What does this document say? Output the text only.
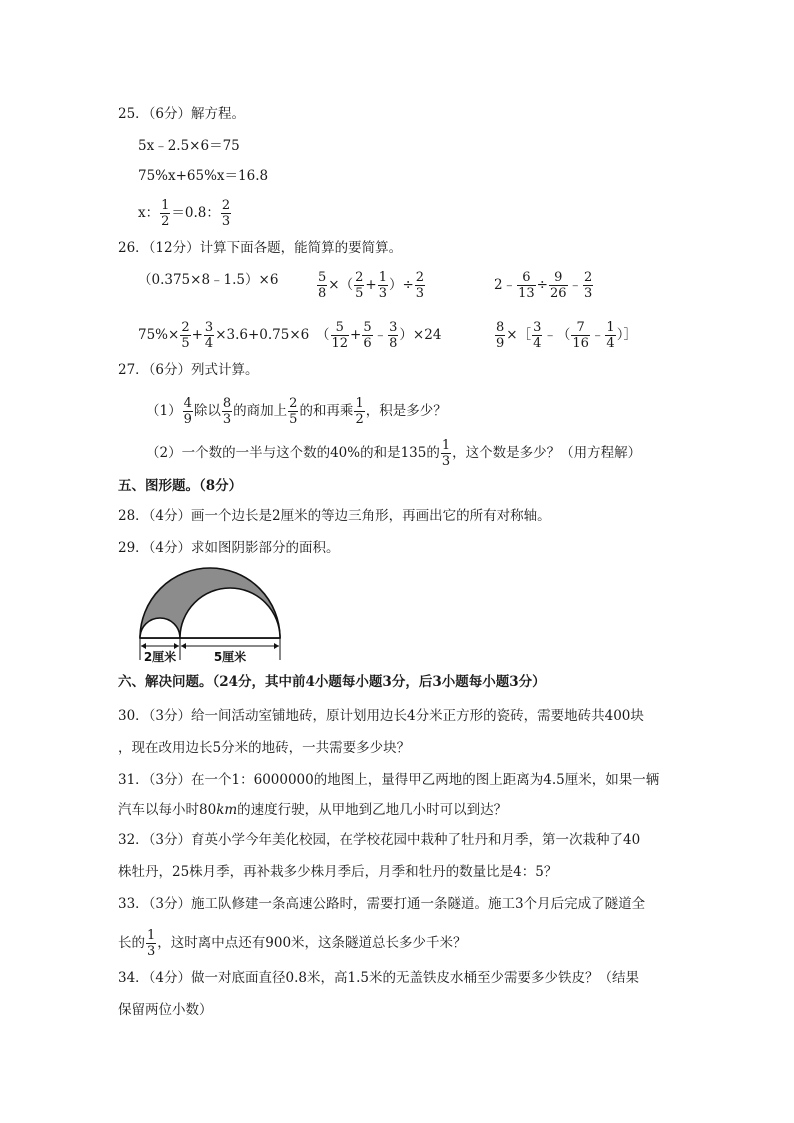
25．（6分）解方程。
5x﹣2.5×6＝75
75%x+65%x＝16.8
x： $\frac{1}{2} =0.8$： $\frac{2}{3}$
26．（12分）计算下面各题，能简算的要简算。
（0.375×8﹣1.5）×6	$\frac{5}{8}$ ×（ $\frac{2}{5} + \frac{1}{3}$ ）÷ $\frac{2}{3}$	2﹣ $\frac{6}{13} \div \frac{9}{26}$ ﹣ $\frac{2}{3}$
$75\%\times \frac{2}{5} + \frac{3}{4} \times 3.6+0.75\times 6$ （ $\frac{5}{12} + \frac{5}{6}$ ﹣ $\frac{3}{8} )\times 24$	$\frac{8}{9}$ ×［ $\frac{3}{4}$ ﹣（ $\frac{7}{16}$ ﹣ $\frac{1}{4}$ ）］
27．（6分）列式计算。
$(1) \frac{4}{9}$ 除以 $\frac{8}{3}$ 的商加上 $\frac{2}{5}$ 的和再乘 $\frac{1}{2}$ ，积是多少？
（2）一个数的一半与这个数的40%的和是135的 $\frac{1}{3}$ ，这个数是多少？（用方程解）
五、图形题。（8分）
28．（4分）画一个边长是2厘米的等边三角形，再画出它的所有对称轴。
29．（4分）求如图阴影部分的面积。
2厘米	5厘米
六、解决问题。（24分，其中前4小题每小题3分，后3小题每小题3分）
30．（3分）给一间活动室铺地砖，原计划用边长4分米正方形的瓷砖，需要地砖共400块
，现在改用边长5分米的地砖，一共需要多少块？
31．（3分）在一个1：6000000的地图上，量得甲乙两地的图上距离为4.5厘米，如果一辆
汽车以每小时80km的速度行驶，从甲地到乙地几小时可以到达？
32．（3分）育英小学今年美化校园，在学校花园中栽种了牡丹和月季，第一次栽种了40
株牡丹，25株月季，再补栽多少株月季后，月季和牡丹的数量比是4：5？
33．（3分）施工队修建一条高速公路时，需要打通一条隧道。施工3个月后完成了隧道全
长的 $\frac{1}{3}$ ，这时离中点还有900米，这条隧道总长多少千米？
34．（4分）做一对底面直径0.8米，高1.5米的无盖铁皮水桶至少需要多少铁皮？（结果
保留两位小数）
